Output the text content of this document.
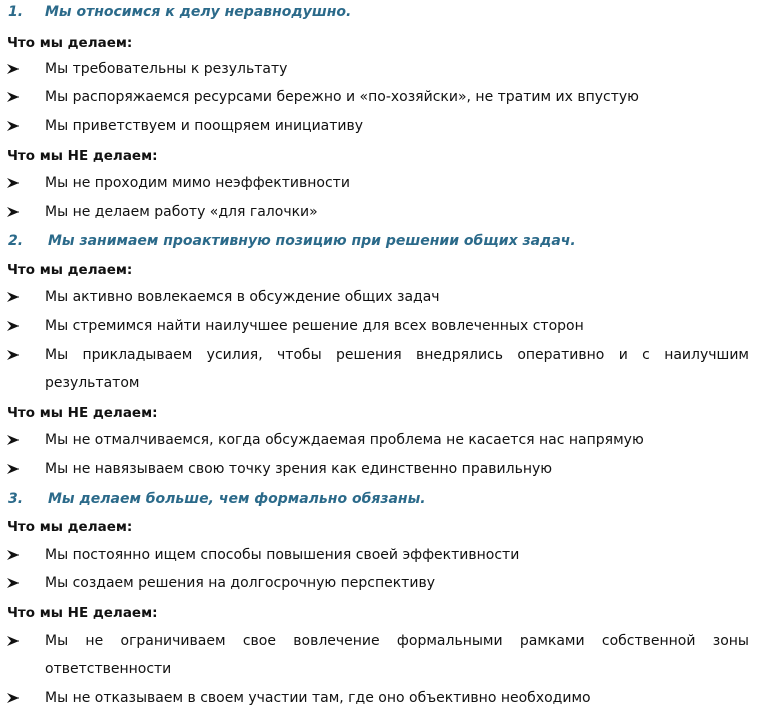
1. Мы относимся к делу неравнодушно.
Что мы делаем:
Мы требовательны к результату
Мы распоряжаемся ресурсами бережно и «по-хозяйски», не тратим их впустую
Мы приветствуем и поощряем инициативу
Что мы НЕ делаем:
Мы не проходим мимо неэффективности
Мы не делаем работу «для галочки»
2. Мы занимаем проактивную позицию при решении общих задач.
Что мы делаем:
Мы активно вовлекаемся в обсуждение общих задач
Мы стремимся найти наилучшее решение для всех вовлеченных сторон
Мы прикладываем усилия, чтобы решения внедрялись оперативно и с наилучшим
результатом
Что мы НЕ делаем:
Мы не отмалчиваемся, когда обсуждаемая проблема не касается нас напрямую
Мы не навязываем свою точку зрения как единственно правильную
3. Мы делаем больше, чем формально обязаны.
Что мы делаем:
Мы постоянно ищем способы повышения своей эффективности
Мы создаем решения на долгосрочную перспективу
Что мы НЕ делаем:
Мы не ограничиваем свое вовлечение формальными рамками собственной зоны
ответственности
Мы не отказываем в своем участии там, где оно объективно необходимо
